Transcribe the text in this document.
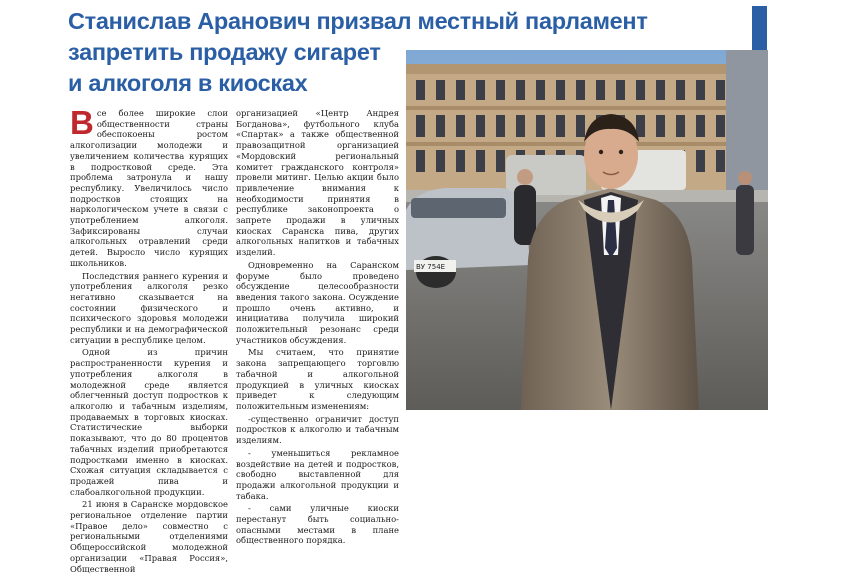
Станислав Аранович призвал местный парламент
запретить продажу сигарет
и алкоголя в киосках

Все более широкие слои общественности страны обеспокоены ростом алкоголизации молодежи и увеличением количества курящих в подростковой среде. Эта проблема затронула и нашу республику. Увеличилось число подростков стоящих на наркологическом учете в связи с употреблением алкоголя. Зафиксированы случаи алкогольных отравлений среди детей. Выросло число курящих школьников.

Последствия раннего курения и употребления алкоголя резко негативно сказывается на состоянии физического и психического здоровья молодежи республики и на демографической ситуации в республике целом.

Одной из причин распространенности курения и употребления алкоголя в молодежной среде является облегченный доступ подростков к алкоголю и табачным изделиям, продаваемых в торговых киосках. Статистические выборки показывают, что до 80 процентов табачных изделий приобретаются подростками именно в киосках. Схожая ситуация складывается с продажей пива и слабоалкогольной продукции.

21 июня в Саранске мордовское региональное отделение партии «Правое дело» совместно с региональными отделениями Общероссийской молодежной организации «Правая Россия», Общественной

организацией «Центр Андрея Богданова», футбольного клуба «Спартак» а также общественной правозащитной организацией «Мордовский региональный комитет гражданского контроля» провели митинг. Целью акции было привлечение внимания к необходимости принятия в республике законопроекта о запрете продажи в уличных киосках Саранска пива, других алкогольных напитков и табачных изделий.

Одновременно на Саранском форуме было проведено обсуждение целесообразности введения такого закона. Осуждение прошло очень активно, и инициатива получила широкий положительный резонанс среди участников обсуждения.

Мы считаем, что принятие закона запрещающего торговлю табачной и алкогольной продукцией в уличных киосках приведет к следующим положительным изменениям:

-существенно ограничит доступ подростков к алкоголю и табачным изделиям.

- уменьшиться рекламное воздействие на детей и подростков, свободно выставленной для продажи алкогольной продукции и табака.

- сами уличные киоски перестанут быть социально-опасными местами в плане общественного порядка.

ВУ 754Е
